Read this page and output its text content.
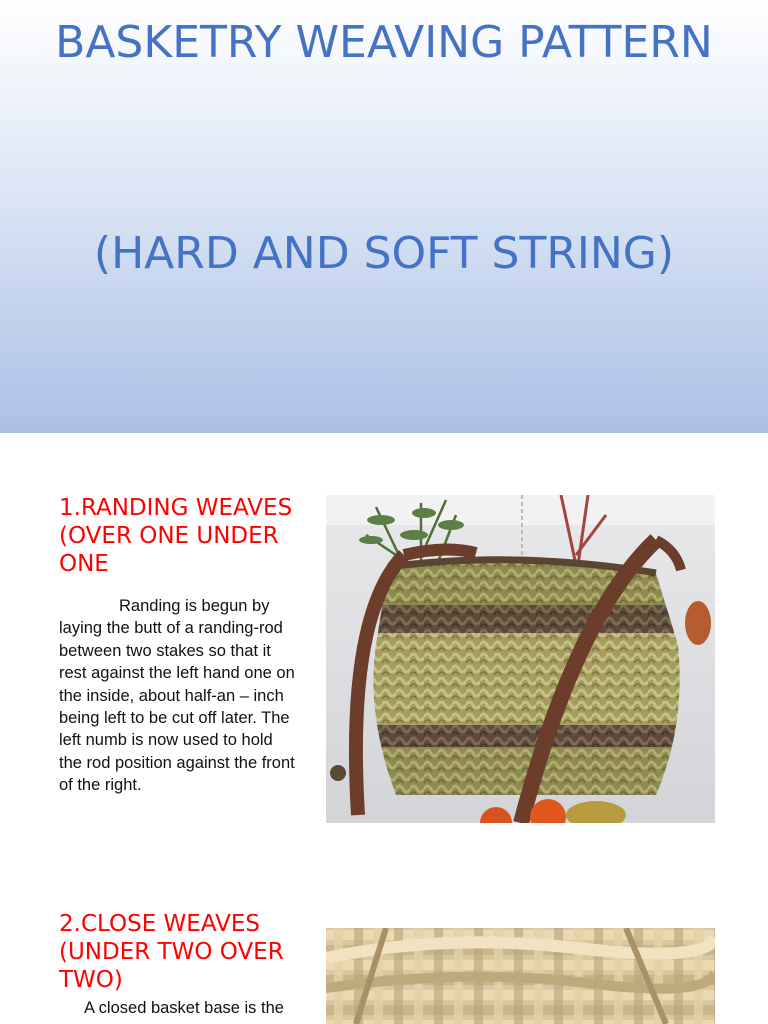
BASKETRY WEAVING PATTERN
(HARD AND SOFT STRING)
1.RANDING WEAVES (OVER ONE UNDER ONE

Randing is begun by laying the butt of a randing-rod between two stakes so that it rest against the left hand one on the inside, about half-an – inch being left to be cut off later. The left numb is now used to hold the rod position against the front of the right.

2.CLOSE WEAVES (UNDER TWO OVER TWO)

A closed basket base is the
